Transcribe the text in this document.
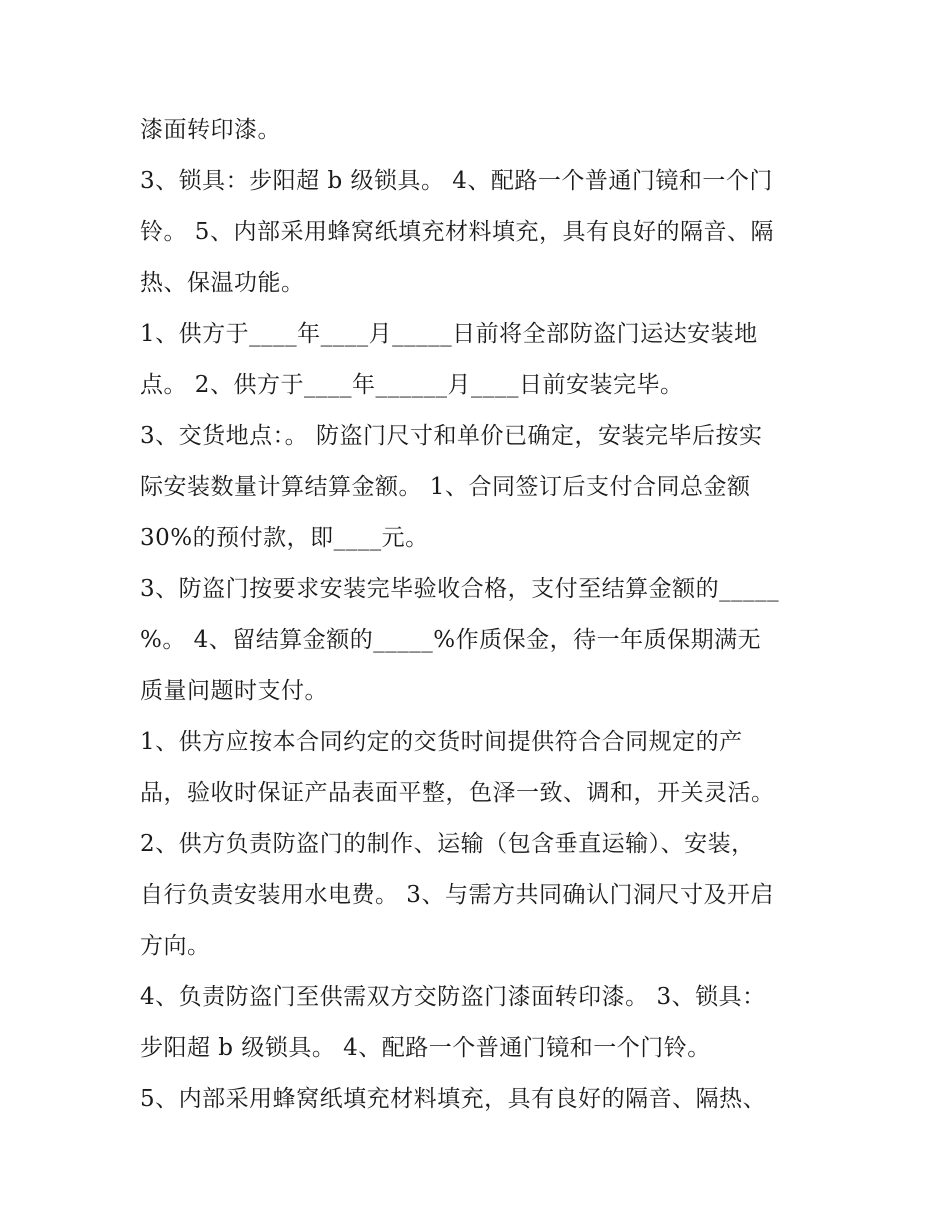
漆面转印漆。
3、锁具：步阳超 b 级锁具。 4、配路一个普通门镜和一个门
铃。 5、内部采用蜂窝纸填充材料填充，具有良好的隔音、隔
热、保温功能。
1、供方于____年____月_____日前将全部防盗门运达安装地
点。 2、供方于____年______月____日前安装完毕。
3、交货地点：。 防盗门尺寸和单价已确定，安装完毕后按实
际安装数量计算结算金额。 1、合同签订后支付合同总金额
30%的预付款，即____元。
3、防盗门按要求安装完毕验收合格，支付至结算金额的_____
%。 4、留结算金额的_____%作质保金，待一年质保期满无
质量问题时支付。
1、供方应按本合同约定的交货时间提供符合合同规定的产
品，验收时保证产品表面平整，色泽一致、调和，开关灵活。
2、供方负责防盗门的制作、运输（包含垂直运输）、安装，
自行负责安装用水电费。 3、与需方共同确认门洞尺寸及开启
方向。
4、负责防盗门至供需双方交防盗门漆面转印漆。 3、锁具：
步阳超 b 级锁具。 4、配路一个普通门镜和一个门铃。
5、内部采用蜂窝纸填充材料填充，具有良好的隔音、隔热、
